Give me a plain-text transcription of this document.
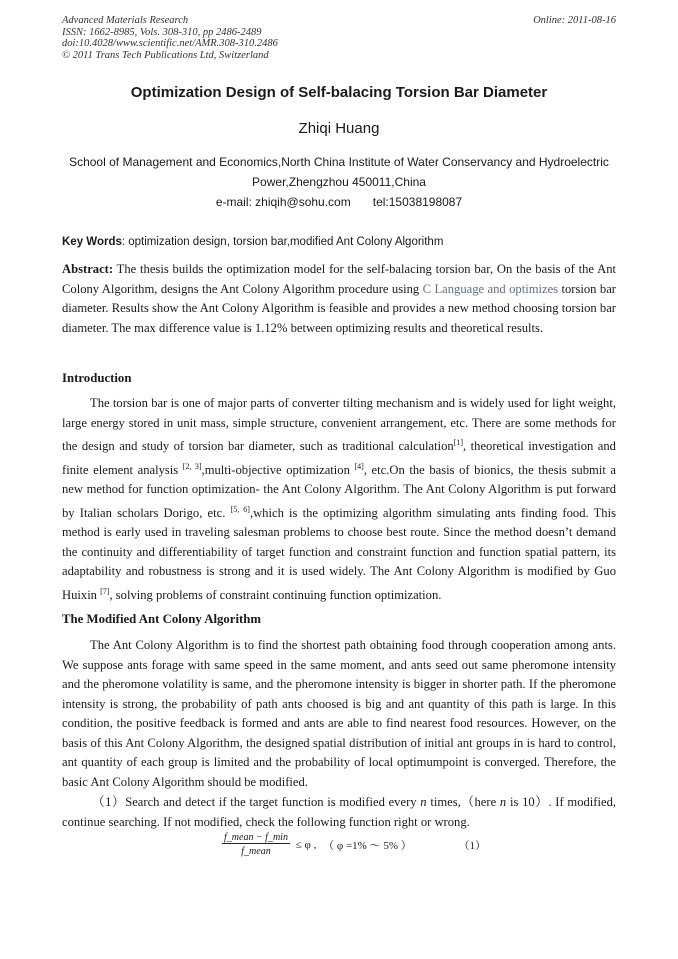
Advanced Materials Research
ISSN: 1662-8985, Vols. 308-310, pp 2486-2489
doi:10.4028/www.scientific.net/AMR.308-310.2486
© 2011 Trans Tech Publications Ltd, Switzerland
Online: 2011-08-16
Optimization Design of Self-balacing Torsion Bar Diameter
Zhiqi Huang
School of Management and Economics,North China Institute of Water Conservancy and Hydroelectric Power,Zhengzhou 450011,China
e-mail: zhiqih@sohu.com tel:15038198087
Key Words: optimization design, torsion bar,modified Ant Colony Algorithm
Abstract: The thesis builds the optimization model for the self-balacing torsion bar, On the basis of the Ant Colony Algorithm, designs the Ant Colony Algorithm procedure using C Language and optimizes torsion bar diameter. Results show the Ant Colony Algorithm is feasible and provides a new method choosing torsion bar diameter. The max difference value is 1.12% between optimizing results and theoretical results.
Introduction
The torsion bar is one of major parts of converter tilting mechanism and is widely used for light weight, large energy stored in unit mass, simple structure, convenient arrangement, etc. There are some methods for the design and study of torsion bar diameter, such as traditional calculation[1], theoretical investigation and finite element analysis [2, 3],multi-objective optimization [4], etc.On the basis of bionics, the thesis submit a new method for function optimization- the Ant Colony Algorithm. The Ant Colony Algorithm is put forward by Italian scholars Dorigo, etc. [5, 6],which is the optimizing algorithm simulating ants finding food. This method is early used in traveling salesman problems to choose best route. Since the method doesn’t demand the continuity and differentiability of target function and constraint function and function spatial pattern, its adaptability and robustness is strong and it is used widely. The Ant Colony Algorithm is modified by Guo Huixin [7], solving problems of constraint continuing function optimization.
The Modified Ant Colony Algorithm
The Ant Colony Algorithm is to find the shortest path obtaining food through cooperation among ants. We suppose ants forage with same speed in the same moment, and ants seed out same pheromone intensity and the pheromone volatility is same, and the pheromone intensity is bigger in shorter path. If the pheromone intensity is strong, the probability of path ants choosed is big and ant quantity of this path is large. In this condition, the positive feedback is formed and ants are able to find nearest food resources. However, on the basis of this Ant Colony Algorithm, the designed spatial distribution of initial ant groups in is hard to control, ant quantity of each group is limited and the probability of local optimumpoint is converged. Therefore, the basic Ant Colony Algorithm should be modified.
（1）Search and detect if the target function is modified every n times,（here n is 10）. If modified, continue searching. If not modified, check the following function right or wrong.
$\frac{\text{f\_mean − f\_min}}{\text{f\_mean}} \le \varphi$ , （ φ =1% ～ 5% ）	（1）
